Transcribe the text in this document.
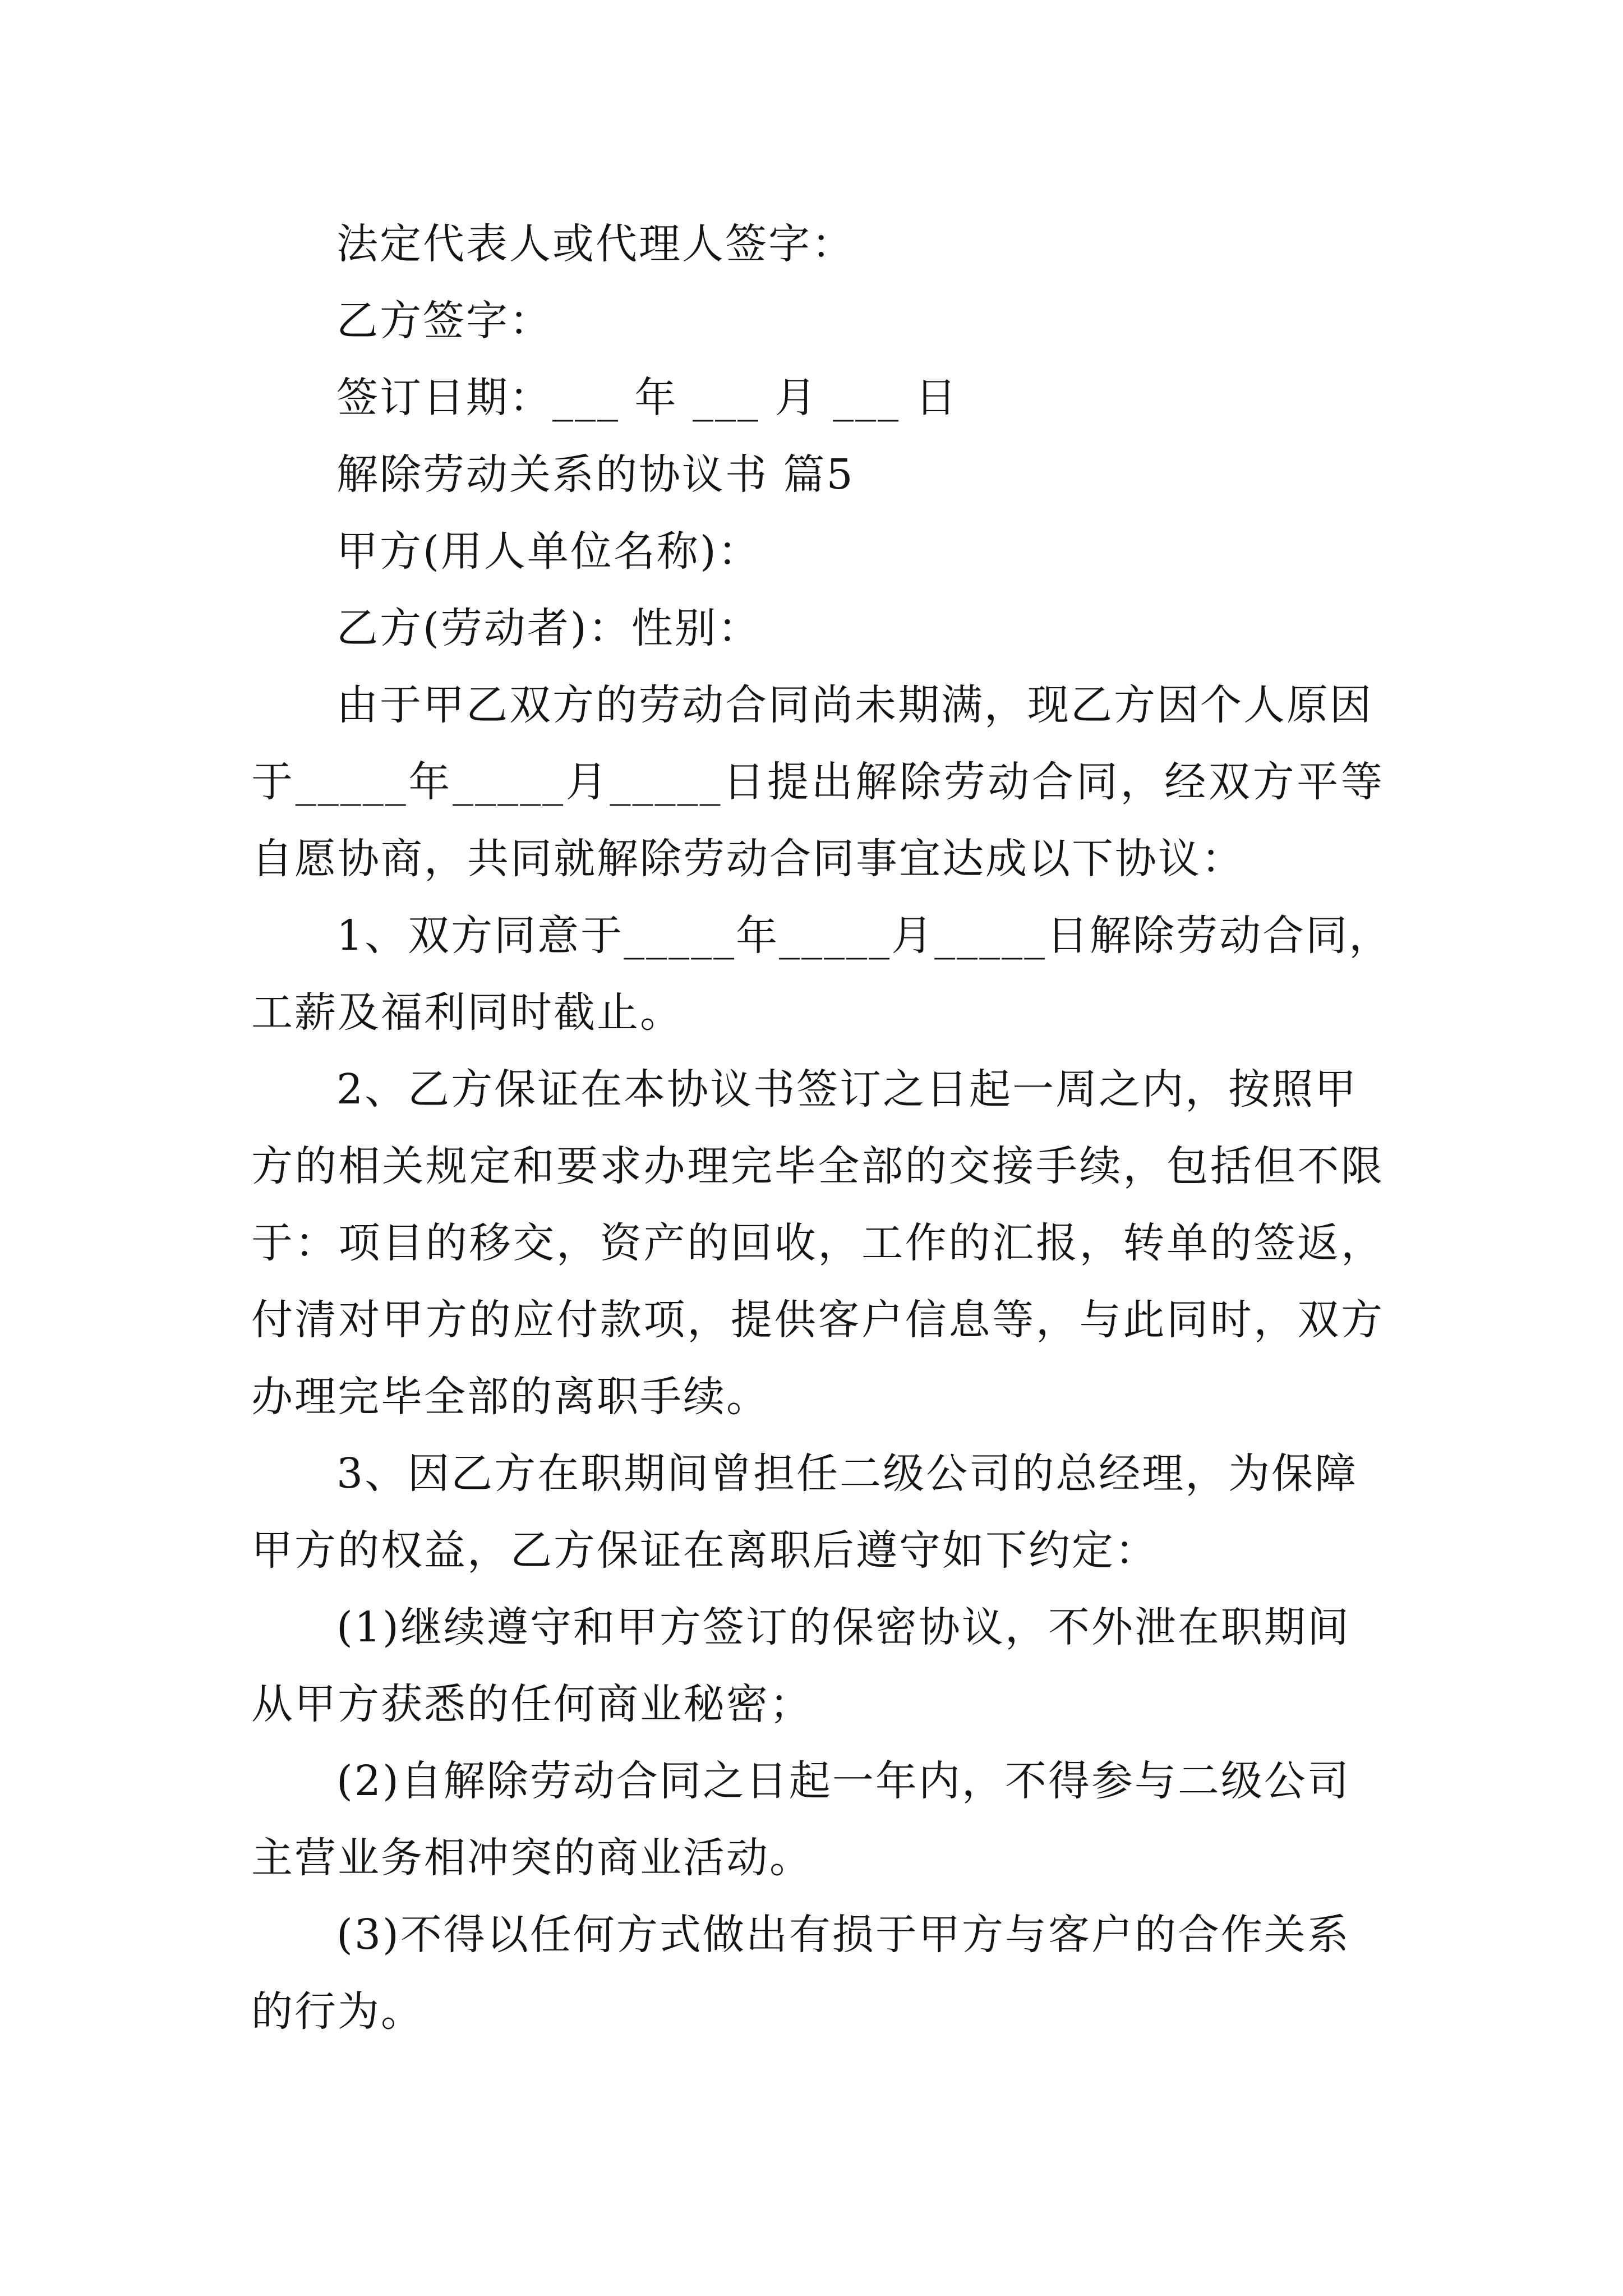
法定代表人或代理人签字：
乙方签字：
签订日期：___ 年 ___ 月 ___ 日
解除劳动关系的协议书 篇5
甲方(用人单位名称)：
乙方(劳动者)：性别：
由于甲乙双方的劳动合同尚未期满，现乙方因个人原因
于_____年_____月_____日提出解除劳动合同，经双方平等
自愿协商，共同就解除劳动合同事宜达成以下协议：
1、双方同意于_____年_____月_____日解除劳动合同，
工薪及福利同时截止。
2、乙方保证在本协议书签订之日起一周之内，按照甲
方的相关规定和要求办理完毕全部的交接手续，包括但不限
于：项目的移交，资产的回收，工作的汇报，转单的签返，
付清对甲方的应付款项，提供客户信息等，与此同时，双方
办理完毕全部的离职手续。
3、因乙方在职期间曾担任二级公司的总经理，为保障
甲方的权益，乙方保证在离职后遵守如下约定：
(1)继续遵守和甲方签订的保密协议，不外泄在职期间
从甲方获悉的任何商业秘密；
(2)自解除劳动合同之日起一年内，不得参与二级公司
主营业务相冲突的商业活动。
(3)不得以任何方式做出有损于甲方与客户的合作关系
的行为。
